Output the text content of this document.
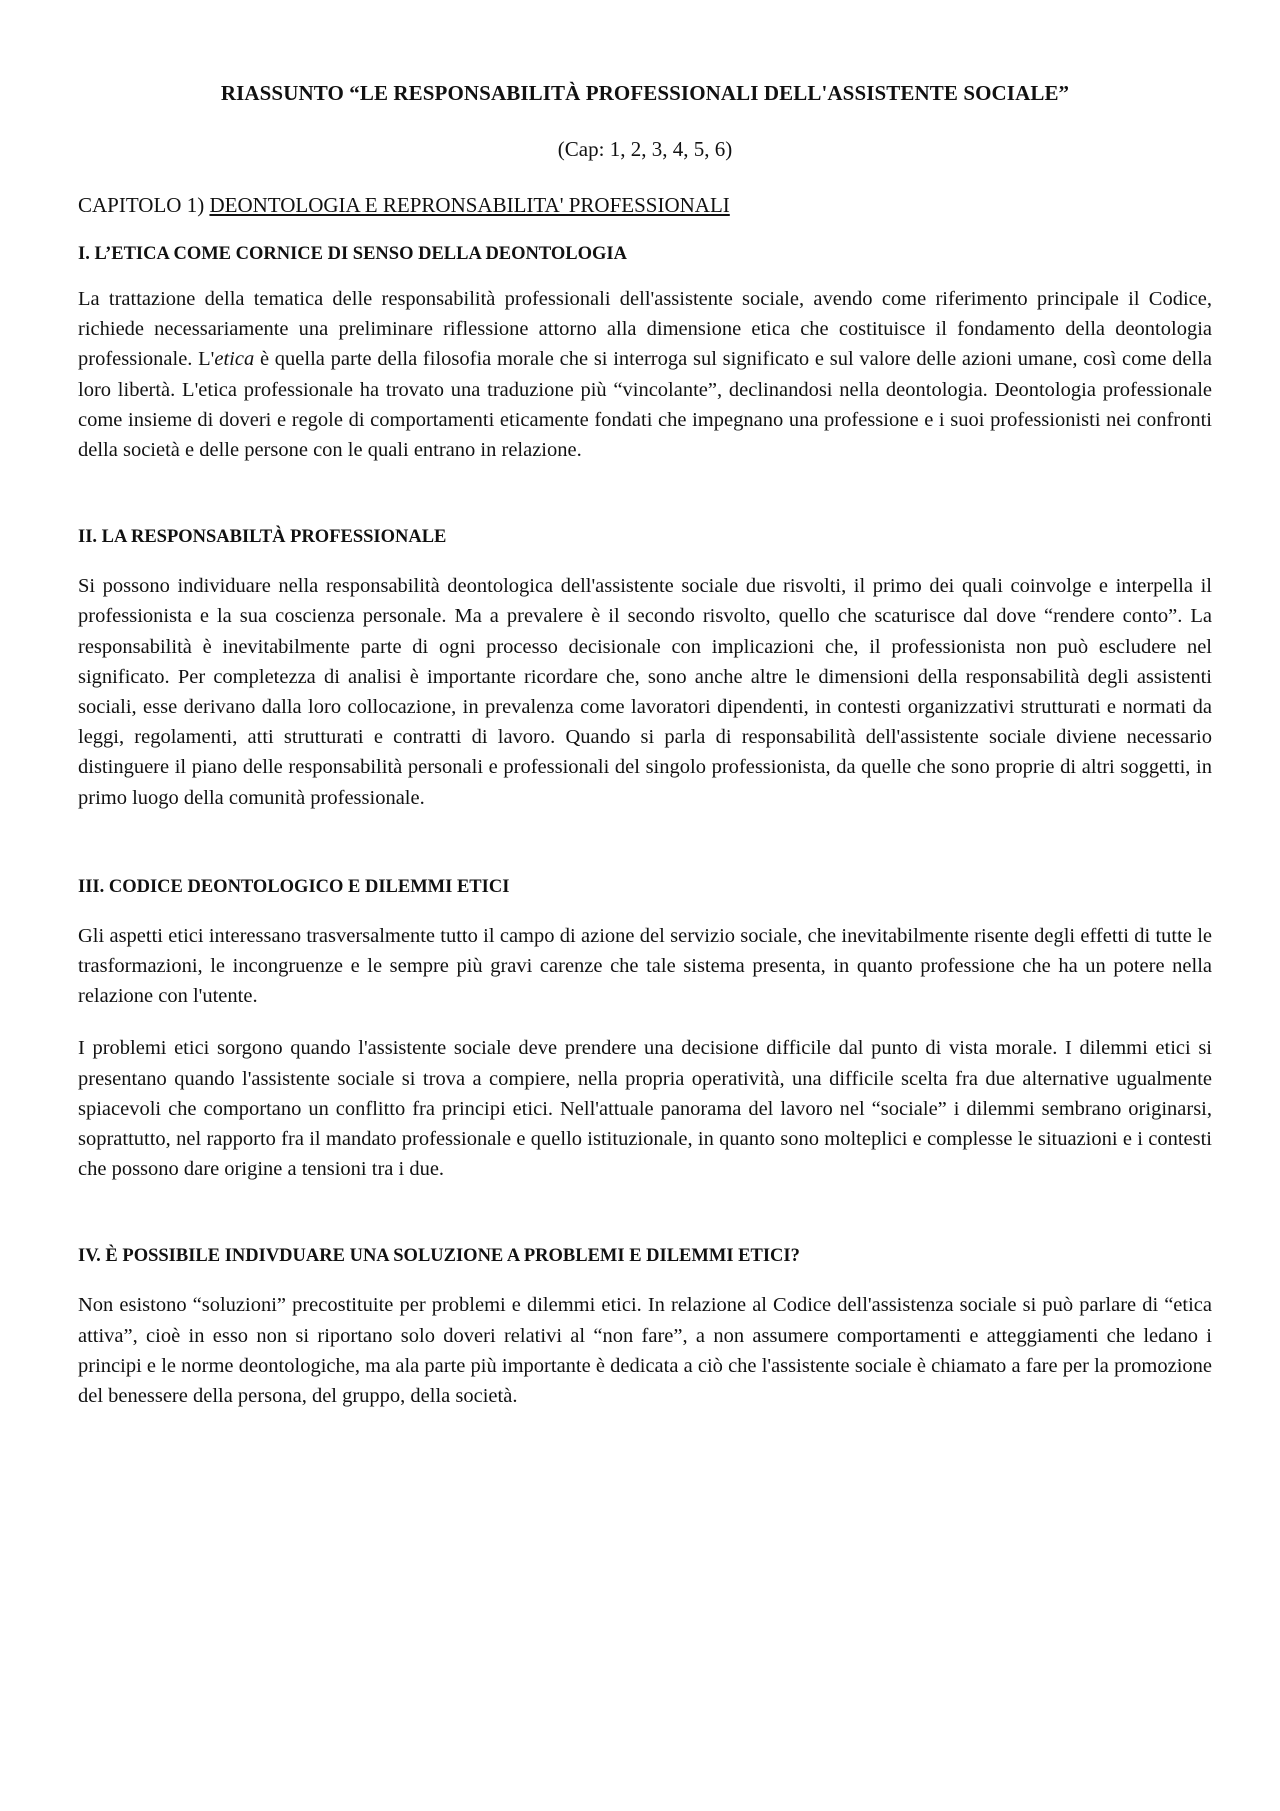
RIASSUNTO “LE RESPONSABILITÀ PROFESSIONALI DELL'ASSISTENTE SOCIALE”

(Cap: 1, 2, 3, 4, 5, 6)

CAPITOLO 1) DEONTOLOGIA E REPRONSABILITA' PROFESSIONALI

I. L’ETICA COME CORNICE DI SENSO DELLA DEONTOLOGIA

La trattazione della tematica delle responsabilità professionali dell'assistente sociale, avendo come riferimento principale il Codice, richiede necessariamente una preliminare riflessione attorno alla dimensione etica che costituisce il fondamento della deontologia professionale. L'etica è quella parte della filosofia morale che si interroga sul significato e sul valore delle azioni umane, così come della loro libertà. L'etica professionale ha trovato una traduzione più “vincolante”, declinandosi nella deontologia. Deontologia professionale come insieme di doveri e regole di comportamenti eticamente fondati che impegnano una professione e i suoi professionisti nei confronti della società e delle persone con le quali entrano in relazione.

II. LA RESPONSABILTÀ PROFESSIONALE

Si possono individuare nella responsabilità deontologica dell'assistente sociale due risvolti, il primo dei quali coinvolge e interpella il professionista e la sua coscienza personale. Ma a prevalere è il secondo risvolto, quello che scaturisce dal dove “rendere conto”. La responsabilità è inevitabilmente parte di ogni processo decisionale con implicazioni che, il professionista non può escludere nel significato. Per completezza di analisi è importante ricordare che, sono anche altre le dimensioni della responsabilità degli assistenti sociali, esse derivano dalla loro collocazione, in prevalenza come lavoratori dipendenti, in contesti organizzativi strutturati e normati da leggi, regolamenti, atti strutturati e contratti di lavoro. Quando si parla di responsabilità dell'assistente sociale diviene necessario distinguere il piano delle responsabilità personali e professionali del singolo professionista, da quelle che sono proprie di altri soggetti, in primo luogo della comunità professionale.

III. CODICE DEONTOLOGICO E DILEMMI ETICI

Gli aspetti etici interessano trasversalmente tutto il campo di azione del servizio sociale, che inevitabilmente risente degli effetti di tutte le trasformazioni, le incongruenze e le sempre più gravi carenze che tale sistema presenta, in quanto professione che ha un potere nella relazione con l'utente.

I problemi etici sorgono quando l'assistente sociale deve prendere una decisione difficile dal punto di vista morale. I dilemmi etici si presentano quando l'assistente sociale si trova a compiere, nella propria operatività, una difficile scelta fra due alternative ugualmente spiacevoli che comportano un conflitto fra principi etici. Nell'attuale panorama del lavoro nel “sociale” i dilemmi sembrano originarsi, soprattutto, nel rapporto fra il mandato professionale e quello istituzionale, in quanto sono molteplici e complesse le situazioni e i contesti che possono dare origine a tensioni tra i due.

IV. È POSSIBILE INDIVDUARE UNA SOLUZIONE A PROBLEMI E DILEMMI ETICI?

Non esistono “soluzioni” precostituite per problemi e dilemmi etici. In relazione al Codice dell'assistenza sociale si può parlare di “etica attiva”, cioè in esso non si riportano solo doveri relativi al “non fare”, a non assumere comportamenti e atteggiamenti che ledano i principi e le norme deontologiche, ma ala parte più importante è dedicata a ciò che l'assistente sociale è chiamato a fare per la promozione del benessere della persona, del gruppo, della società.
